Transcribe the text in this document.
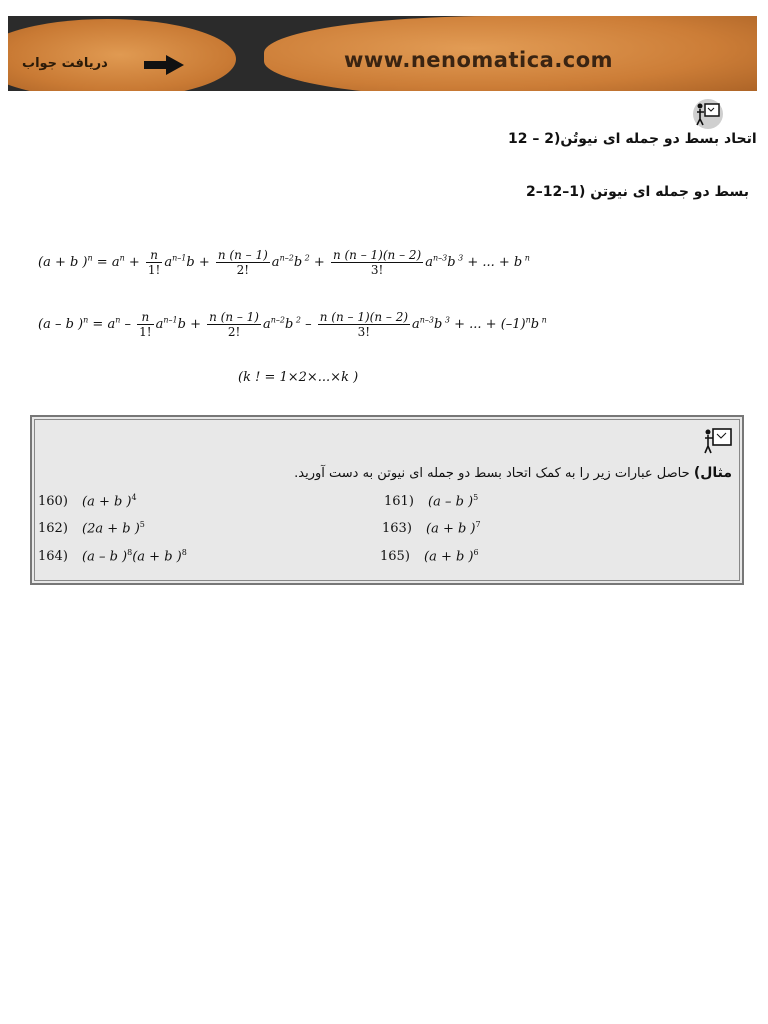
دریافت جواب	www.nenomatica.com
12 – 2)اتحاد بسط دو جمله ای نیوتُن
2–12–1) بسط دو جمله ای نیوتن
(a + b )$^n = a^n + \frac{n}{1!} a^{n-1}b + \frac{n (n - 1)}{2!} a^{n-2}b$ $^2 + \frac{n (n - 1)(n - 2)}{3!} a^{n-3}b$ $^3$ + ... + b $^n$
(a – b )$^n = a^n - \frac{n}{1!} a^{n-1}b + \frac{n (n - 1)}{2!} a^{n-2}b$ $^2 - \frac{n (n - 1)(n - 2)}{3!} a^{n-3}b$ $^3$ + ... + $(-1)^nb$ $^n$
(k ! = 1×2×...×k )
مثال) حاصل عبارات زیر را به کمک اتحاد بسط دو جمله ای نیوتن به دست آورید.
160) (a + b )$^4$	161) (a – b )$^5$
162) (2a + b )$^5$	163) (a + b )$^7$
164) (a – b )$^8$(a + b )$^8$	165) (a + b )$^6$
